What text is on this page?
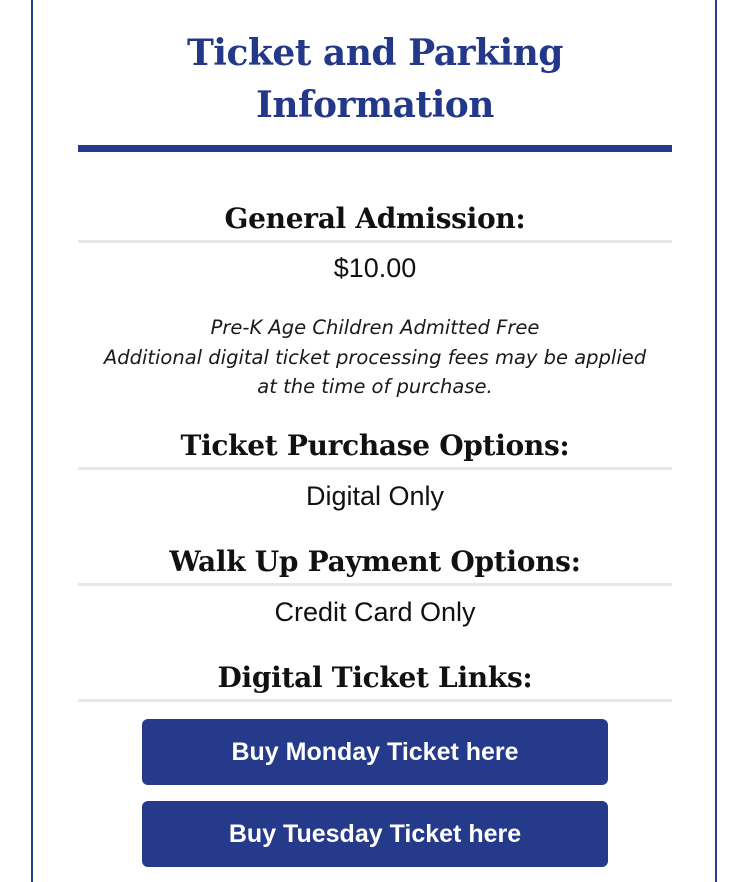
Ticket and Parking
Information
General Admission:
$10.00
Pre-K Age Children Admitted Free
Additional digital ticket processing fees may be applied
at the time of purchase.
Ticket Purchase Options:
Digital Only
Walk Up Payment Options:
Credit Card Only
Digital Ticket Links:
Buy Monday Ticket here
Buy Tuesday Ticket here
